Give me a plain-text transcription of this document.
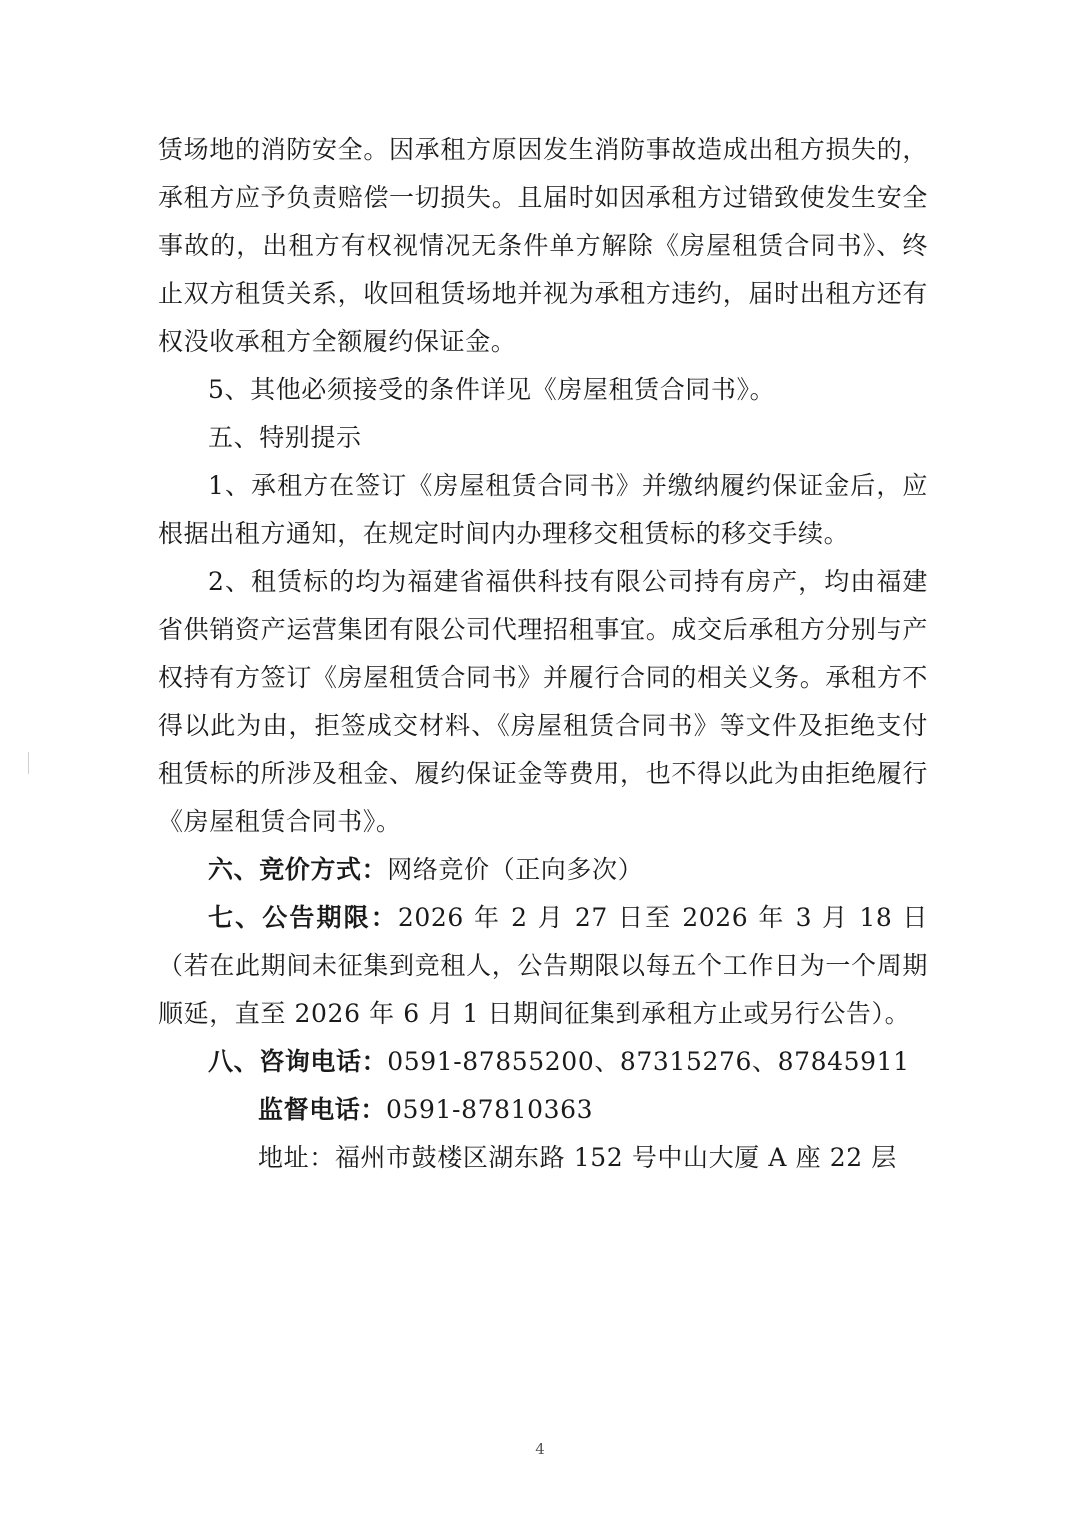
赁场地的消防安全。因承租方原因发生消防事故造成出租方损失的，承租方应予负责赔偿一切损失。且届时如因承租方过错致使发生安全事故的，出租方有权视情况无条件单方解除《房屋租赁合同书》、终止双方租赁关系，收回租赁场地并视为承租方违约，届时出租方还有权没收承租方全额履约保证金。

5、其他必须接受的条件详见《房屋租赁合同书》。

五、特别提示

1、承租方在签订《房屋租赁合同书》并缴纳履约保证金后，应根据出租方通知，在规定时间内办理移交租赁标的移交手续。

2、租赁标的均为福建省福供科技有限公司持有房产，均由福建省供销资产运营集团有限公司代理招租事宜。成交后承租方分别与产权持有方签订《房屋租赁合同书》并履行合同的相关义务。承租方不得以此为由，拒签成交材料、《房屋租赁合同书》等文件及拒绝支付租赁标的所涉及租金、履约保证金等费用，也不得以此为由拒绝履行《房屋租赁合同书》。

六、竞价方式：网络竞价（正向多次）

七、公告期限：2026 年 2 月 27 日至 2026 年 3 月 18 日（若在此期间未征集到竞租人，公告期限以每五个工作日为一个周期顺延，直至 2026 年 6 月 1 日期间征集到承租方止或另行公告）。

八、咨询电话：0591-87855200、87315276、87845911

监督电话：0591-87810363

地址：福州市鼓楼区湖东路 152 号中山大厦 A 座 22 层

4
